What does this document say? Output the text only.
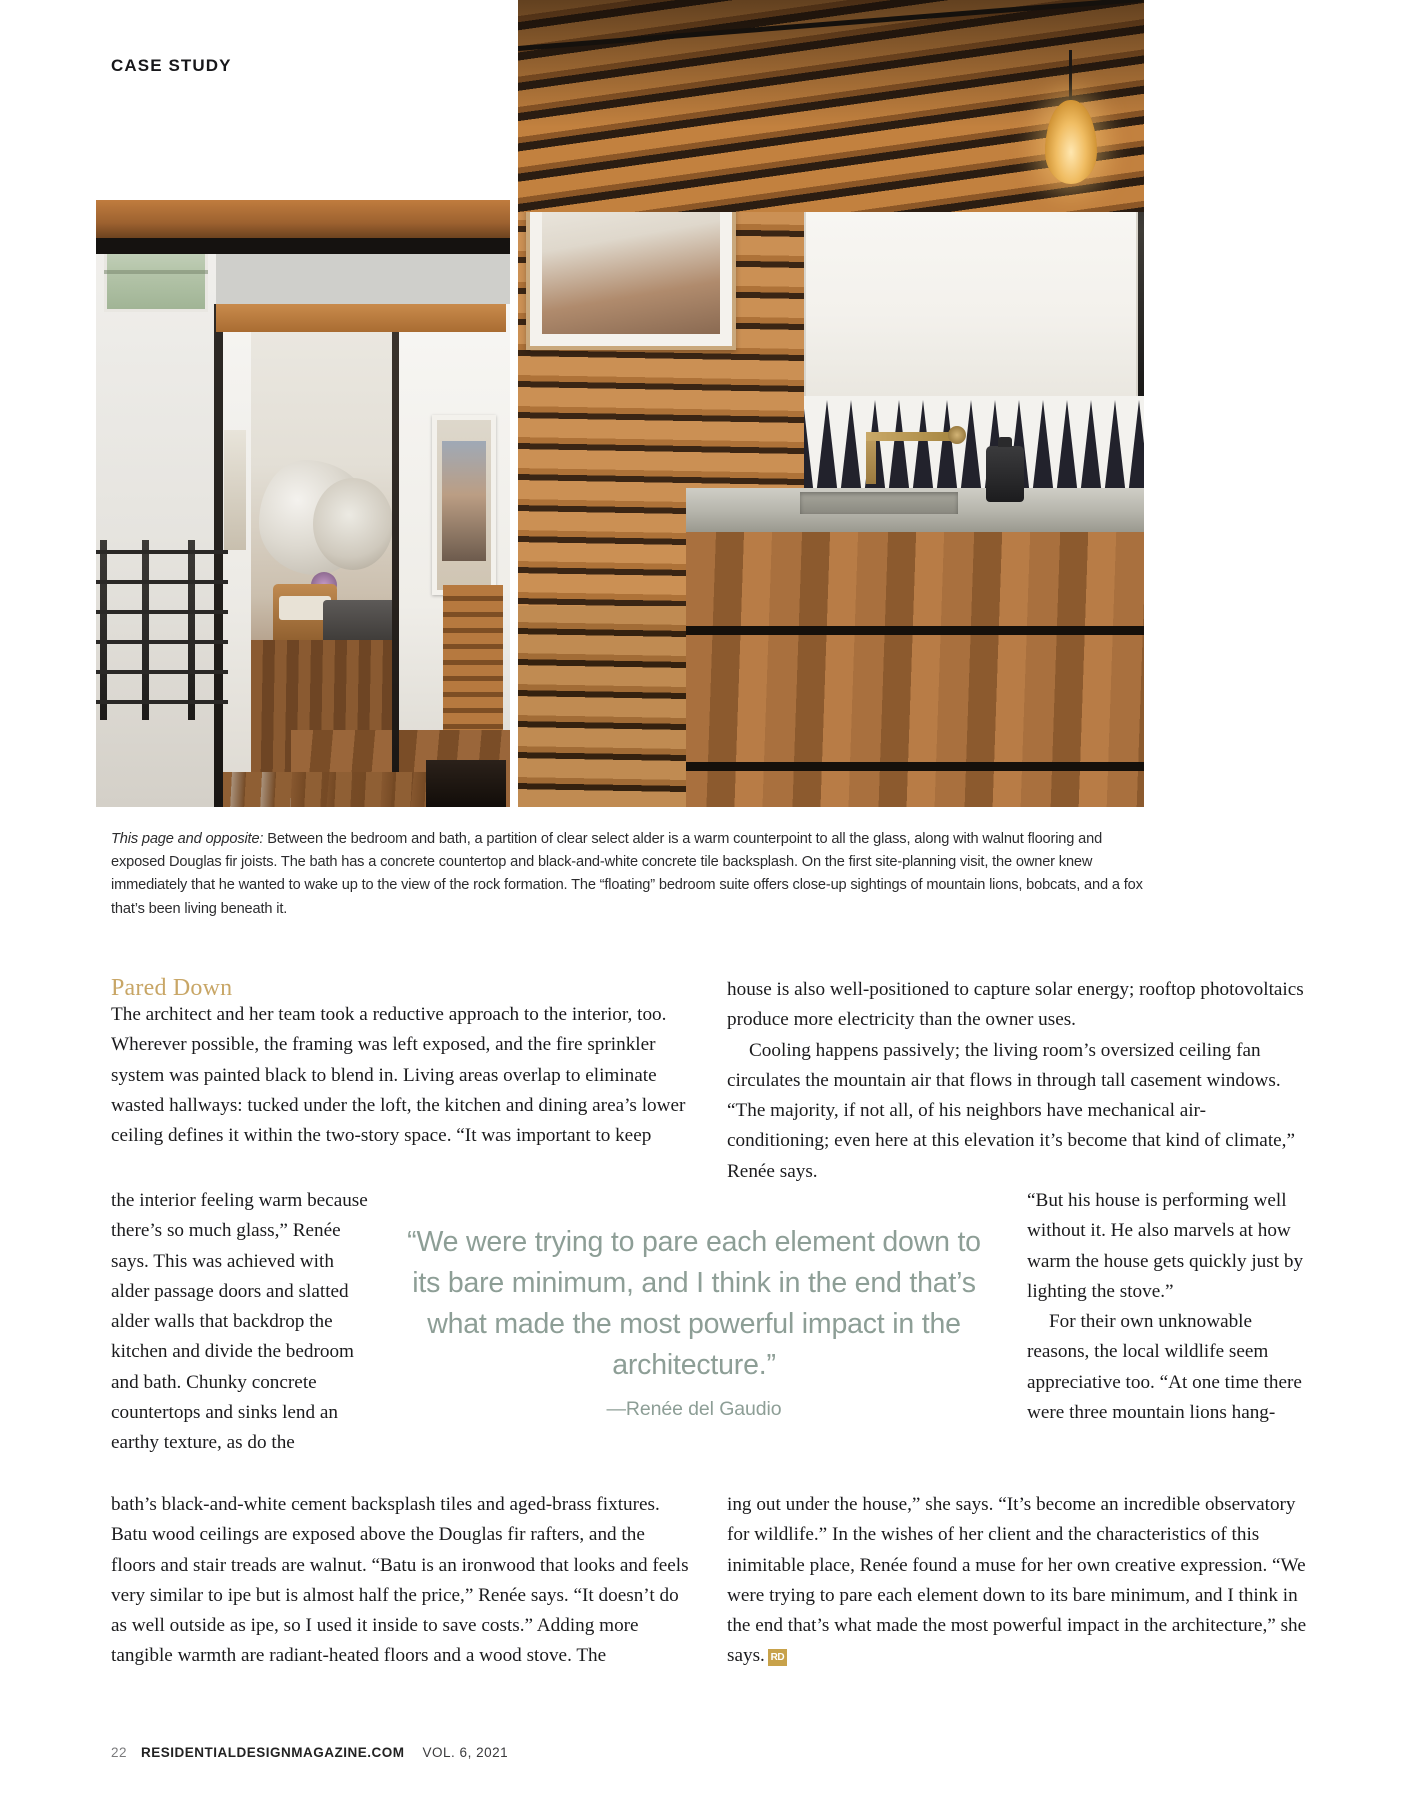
CASE STUDY
This page and opposite: Between the bedroom and bath, a partition of clear select alder is a warm counterpoint to all the glass, along with walnut flooring and exposed Douglas fir joists. The bath has a concrete countertop and black-and-white concrete tile backsplash. On the first site-planning visit, the owner knew immediately that he wanted to wake up to the view of the rock formation. The “floating” bedroom suite offers close-up sightings of mountain lions, bobcats, and a fox that’s been living beneath it.
Pared Down

The architect and her team took a reductive approach to the interior, too. Wherever possible, the framing was left exposed, and the fire sprinkler system was painted black to blend in. Living areas overlap to eliminate wasted hallways: tucked under the loft, the kitchen and dining area’s lower ceiling defines it within the two-story space. “It was important to keep

the interior feeling warm because there’s so much glass,” Renée says. This was achieved with alder passage doors and slatted alder walls that backdrop the kitchen and divide the bedroom and bath. Chunky concrete countertops and sinks lend an earthy texture, as do the

bath’s black-and-white cement backsplash tiles and aged-brass fixtures. Batu wood ceilings are exposed above the Douglas fir rafters, and the floors and stair treads are walnut. “Batu is an ironwood that looks and feels very similar to ipe but is almost half the price,” Renée says. “It doesn’t do as well outside as ipe, so I used it inside to save costs.” Adding more tangible warmth are radiant-heated floors and a wood stove. The

house is also well-positioned to capture solar energy; rooftop photovoltaics produce more electricity than the owner uses.

Cooling happens passively; the living room’s oversized ceiling fan circulates the mountain air that flows in through tall casement windows. “The majority, if not all, of his neighbors have mechanical air-conditioning; even here at this elevation it’s become that kind of climate,” Renée says.

“But his house is performing well without it. He also marvels at how warm the house gets quickly just by lighting the stove.”

For their own unknowable reasons, the local wildlife seem appreciative too. “At one time there were three mountain lions hang-

ing out under the house,” she says. “It’s become an incredible observatory for wildlife.” In the wishes of her client and the characteristics of this inimitable place, Renée found a muse for her own creative expression. “We were trying to pare each element down to its bare minimum, and I think in the end that’s what made the most powerful impact in the architecture,” she says. RD

“We were trying to pare each element down to its bare minimum, and I think in the end that’s what made the most powerful impact in the architecture.”
—Renée del Gaudio
22 RESIDENTIALDESIGNMAGAZINE.COM VOL. 6, 2021
